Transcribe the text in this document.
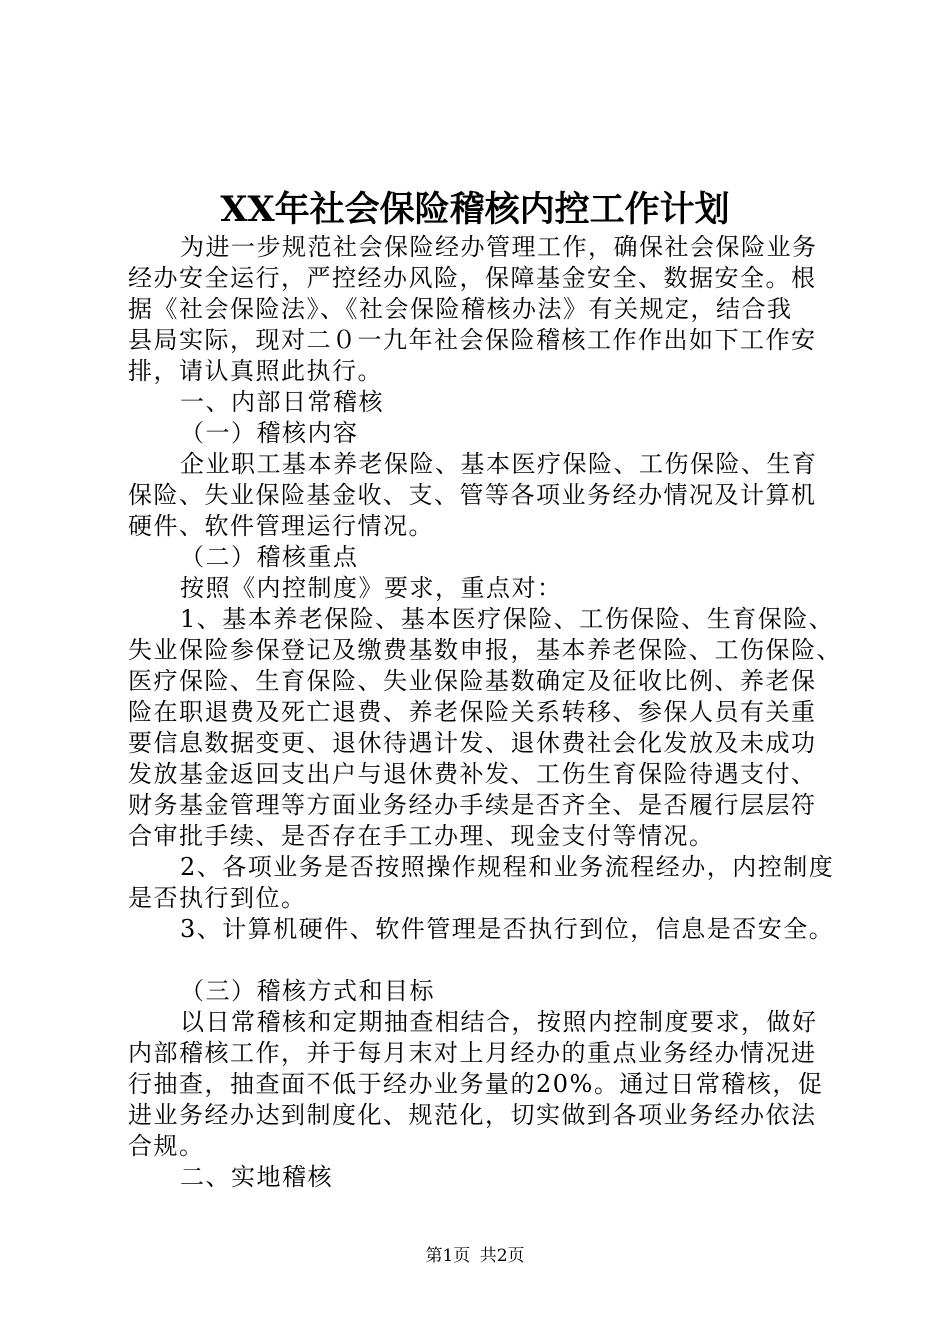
XX年社会保险稽核内控工作计划
为进一步规范社会保险经办管理工作，确保社会保险业务
经办安全运行，严控经办风险，保障基金安全、数据安全。根
据《社会保险法》、《社会保险稽核办法》有关规定，结合我
县局实际，现对二０一九年社会保险稽核工作作出如下工作安
排，请认真照此执行。
一、内部日常稽核
（一）稽核内容
企业职工基本养老保险、基本医疗保险、工伤保险、生育
保险、失业保险基金收、支、管等各项业务经办情况及计算机
硬件、软件管理运行情况。
（二）稽核重点
按照《内控制度》要求，重点对：
1、基本养老保险、基本医疗保险、工伤保险、生育保险、
失业保险参保登记及缴费基数申报，基本养老保险、工伤保险、
医疗保险、生育保险、失业保险基数确定及征收比例、养老保
险在职退费及死亡退费、养老保险关系转移、参保人员有关重
要信息数据变更、退休待遇计发、退休费社会化发放及未成功
发放基金返回支出户与退休费补发、工伤生育保险待遇支付、
财务基金管理等方面业务经办手续是否齐全、是否履行层层符
合审批手续、是否存在手工办理、现金支付等情况。
2、各项业务是否按照操作规程和业务流程经办，内控制度
是否执行到位。
3、计算机硬件、软件管理是否执行到位，信息是否安全。
（三）稽核方式和目标
以日常稽核和定期抽查相结合，按照内控制度要求，做好
内部稽核工作，并于每月末对上月经办的重点业务经办情况进
行抽查，抽查面不低于经办业务量的20%。通过日常稽核，促
进业务经办达到制度化、规范化，切实做到各项业务经办依法
合规。
二、实地稽核
第1页 共2页
